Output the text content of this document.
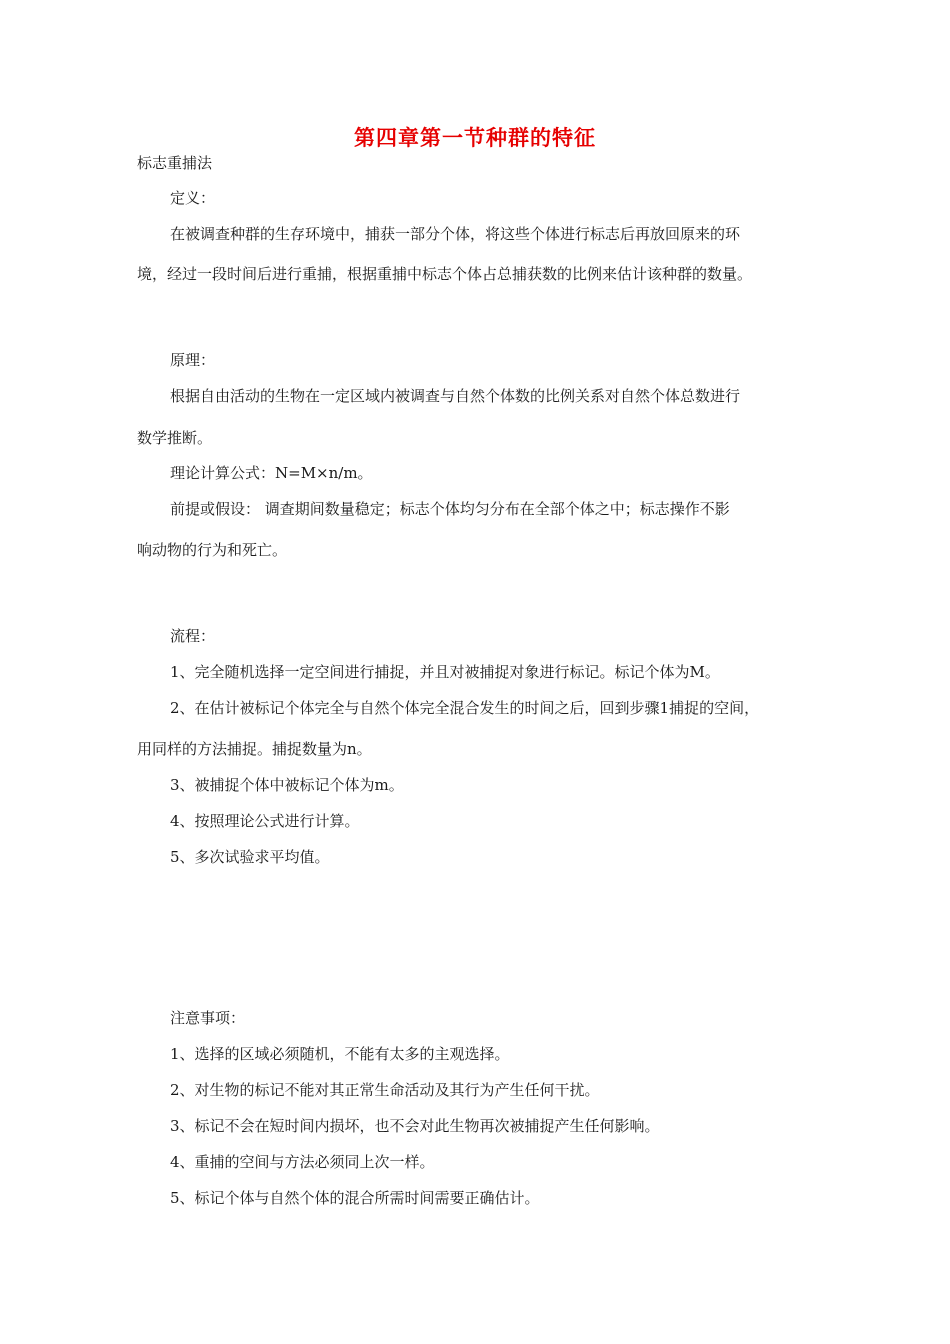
第四章第一节种群的特征
标志重捕法
定义：
在被调查种群的生存环境中，捕获一部分个体，将这些个体进行标志后再放回原来的环
境，经过一段时间后进行重捕，根据重捕中标志个体占总捕获数的比例来估计该种群的数量。
原理：
根据自由活动的生物在一定区域内被调查与自然个体数的比例关系对自然个体总数进行
数学推断。
理论计算公式：N=M×n/m。
前提或假设： 调查期间数量稳定；标志个体均匀分布在全部个体之中；标志操作不影
响动物的行为和死亡。
流程：
1、完全随机选择一定空间进行捕捉，并且对被捕捉对象进行标记。标记个体为M。
2、在估计被标记个体完全与自然个体完全混合发生的时间之后，回到步骤1捕捉的空间，
用同样的方法捕捉。捕捉数量为n。
3、被捕捉个体中被标记个体为m。
4、按照理论公式进行计算。
5、多次试验求平均值。
注意事项：
1、选择的区域必须随机，不能有太多的主观选择。
2、对生物的标记不能对其正常生命活动及其行为产生任何干扰。
3、标记不会在短时间内损坏，也不会对此生物再次被捕捉产生任何影响。
4、重捕的空间与方法必须同上次一样。
5、标记个体与自然个体的混合所需时间需要正确估计。
